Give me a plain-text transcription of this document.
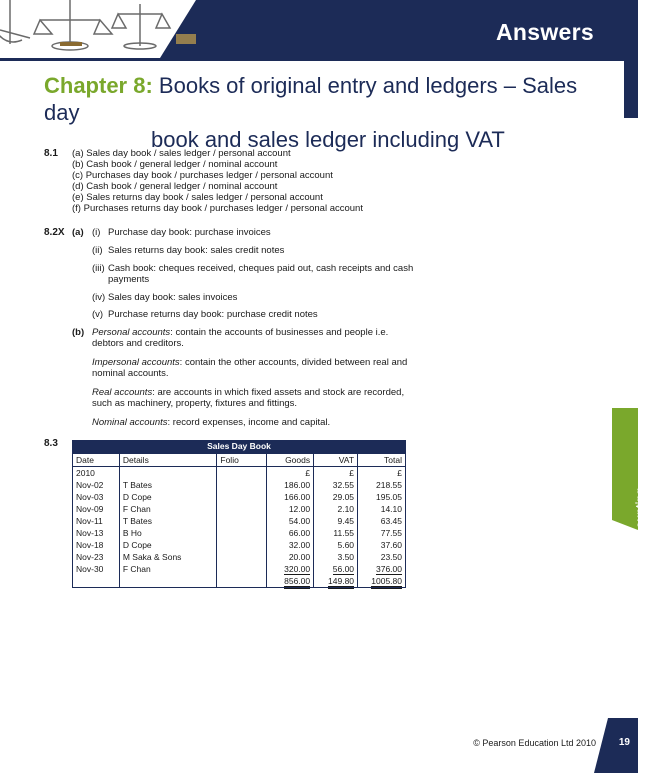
Answers
Chapter 8: Books of original entry and ledgers – Sales day
book and sales ledger including VAT
8.1 (a) Sales day book / sales ledger / personal account
(b) Cash book / general ledger / nominal account
(c) Purchases day book / purchases ledger / personal account
(d) Cash book / general ledger / nominal account
(e) Sales returns day book / sales ledger / personal account
(f) Purchases returns day book / purchases ledger / personal account
8.2X (a) (i) Purchase day book: purchase invoices
(ii) Sales returns day book: sales credit notes
(iii) Cash book: cheques received, cheques paid out, cash receipts and cash
payments
(iv) Sales day book: sales invoices
(v) Purchase returns day book: purchase credit notes
(b) Personal accounts: contain the accounts of businesses and people i.e. debtors and creditors.
Impersonal accounts: contain the other accounts, divided between real and nominal accounts.
Real accounts: are accounts in which fixed assets and stock are recorded, such as machinery, property, fixtures and fittings.
Nominal accounts: record expenses, income and capital.
8.3	Sales Day Book					
Date	Details	Folio	Goods	VAT	Total
2010			£	£	£
Nov-02	T Bates		186.00	32.55	218.55
Nov-03	D Cope		166.00	29.05	195.05
Nov-09	F Chan		12.00	2.10	14.10
Nov-11	T Bates		54.00	9.45	63.45
Nov-13	B Ho		66.00	11.55	77.55
Nov-18	D Cope		32.00	5.60	37.60
Nov-23	M Saka & Sons		20.00	3.50	23.50
Nov-30	F Chan		320.00	56.00	376.00
			856.00	149.80	1005.80
Accounting
© Pearson Education Ltd 2010 19
